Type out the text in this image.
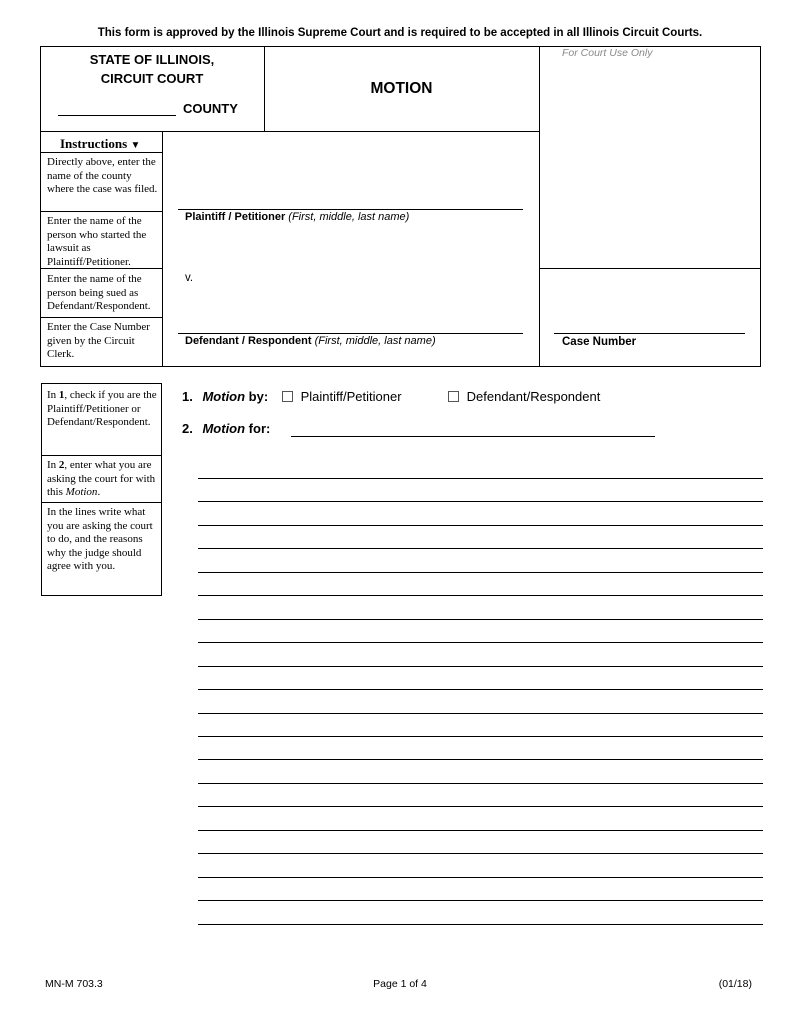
This form is approved by the Illinois Supreme Court and is required to be accepted in all Illinois Circuit Courts.
STATE OF ILLINOIS,
CIRCUIT COURT
COUNTY
MOTION
For Court Use Only
Instructions ▼
Directly above, enter the name of the county where the case was filed.
Enter the name of the person who started the lawsuit as Plaintiff/Petitioner.
Enter the name of the person being sued as Defendant/Respondent.
Enter the Case Number given by the Circuit Clerk.
Plaintiff / Petitioner (First, middle, last name)
v.
Defendant / Respondent (First, middle, last name)	Case Number
In 1, check if you are the Plaintiff/Petitioner or Defendant/Respondent.
In 2, enter what you are asking the court for with this Motion.
In the lines write what you are asking the court to do, and the reasons why the judge should agree with you.
1. Motion by:	Plaintiff/Petitioner	Defendant/Respondent
2. Motion for:
MN-M 703.3	Page 1 of 4	(01/18)
